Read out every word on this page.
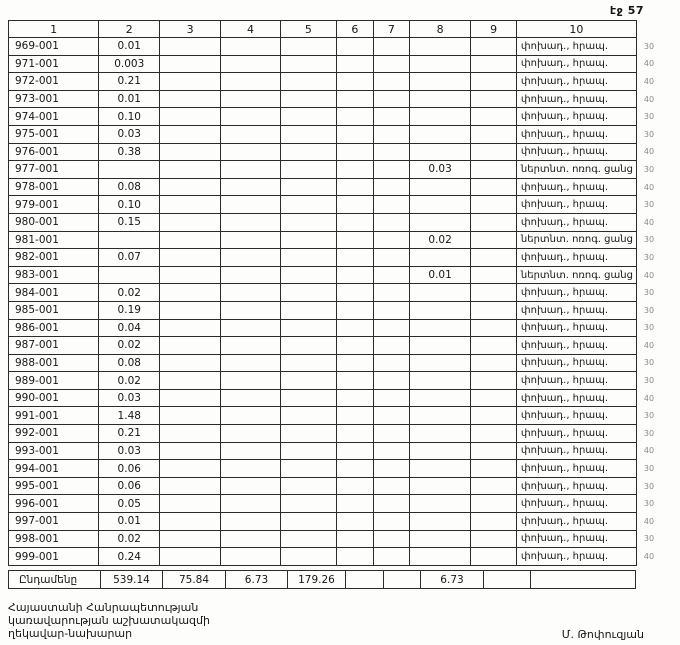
էջ 57
1	2	3	4	5	6	7	8	9	10	
969-001	0.01								փոխադ., հրապ.	30
971-001	0.003								փոխադ., հրապ.	40
972-001	0.21								փոխադ., հրապ.	40
973-001	0.01								փոխադ., հրապ.	40
974-001	0.10								փոխադ., հրապ.	30
975-001	0.03								փոխադ., հրապ.	30
976-001	0.38								փոխադ., հրապ.	40
977-001							0.03		ներտնտ. ոռոգ. ցանց	30
978-001	0.08								փոխադ., հրապ.	40
979-001	0.10								փոխադ., հրապ.	30
980-001	0.15								փոխադ., հրապ.	40
981-001							0.02		ներտնտ. ոռոգ. ցանց	30
982-001	0.07								փոխադ., հրապ.	30
983-001							0.01		ներտնտ. ոռոգ. ցանց	40
984-001	0.02								փոխադ., հրապ.	30
985-001	0.19								փոխադ., հրապ.	30
986-001	0.04								փոխադ., հրապ.	30
987-001	0.02								փոխադ., հրապ.	40
988-001	0.08								փոխադ., հրապ.	30
989-001	0.02								փոխադ., հրապ.	30
990-001	0.03								փոխադ., հրապ.	40
991-001	1.48								փոխադ., հրապ.	30
992-001	0.21								փոխադ., հրապ.	30
993-001	0.03								փոխադ., հրապ.	40
994-001	0.06								փոխադ., հրապ.	30
995-001	0.06								փոխադ., հրապ.	30
996-001	0.05								փոխադ., հրապ.	30
997-001	0.01								փոխադ., հրապ.	40
998-001	0.02								փոխադ., հրապ.	30
999-001	0.24								փոխադ., հրապ.	40
Ընդամենը	539.14	75.84	6.73	179.26			6.73			
Հայաստանի Հանրապետության
կառավարության աշխատակազմի
ղեկավար-նախարար	Մ. Թոփուզյան
